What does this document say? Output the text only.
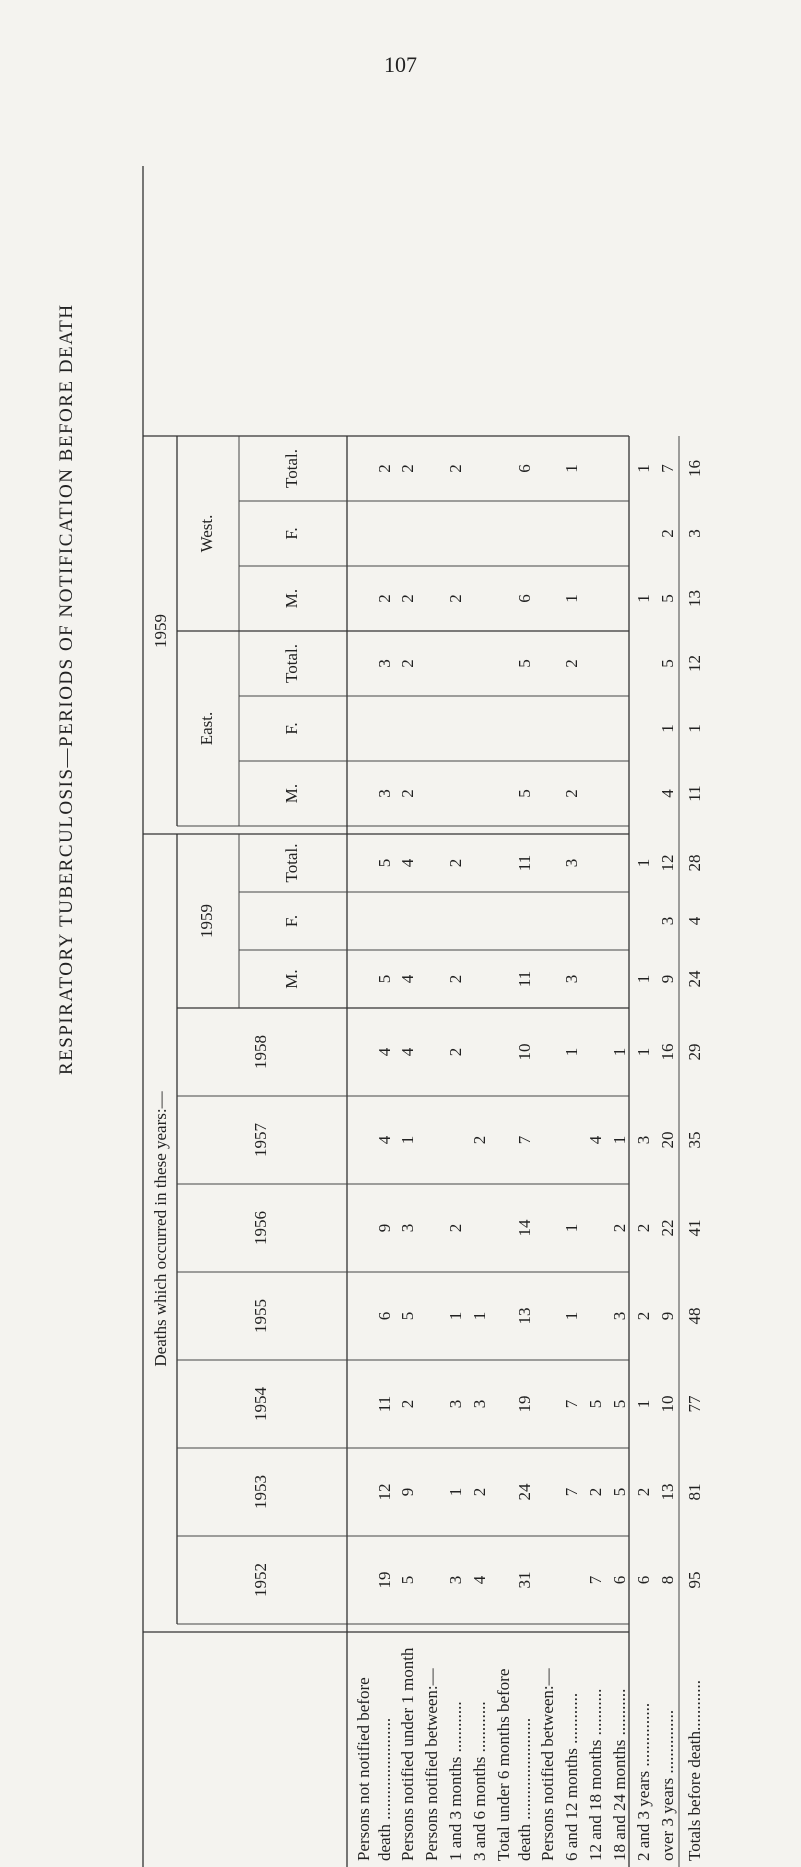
107
RESPIRATORY TUBERCULOSIS—PERIODS OF NOTIFICATION BEFORE DEATH
Deaths which occurred in these years:—
1959
1952
1953
1954
1955
1956
1957
1958
1959
M.
F.
Total.
East.
West.
M.
F.
Total.
M.
F.
Total.
Persons not notified before death ........................
19
12
11
6
9
4
4
5
5
3
3
2
2
Persons notified under 1 month
5
9
2
5
3
1
4
4
4
2
2
2
2
Persons notified between:— 1 and 3 months ............
3
1
3
1
2
2
2
2
2
2
3 and 6 months ............
4
2
3
1
2
Total under 6 months before death ........................
31
24
19
13
14
7
10
11
11
5
5
6
6
Persons notified between:— 6 and 12 months ............
7
7
1
1
1
3
3
2
2
1
1
12 and 18 months ...........
7
2
5
4
18 and 24 months ...........
6
5
5
3
2
1
1
2 and 3 years ...............
6
2
1
2
2
3
1
1
1
1
1
over 3 years ...............
8
13
10
9
22
20
16
9
3
12
4
1
5
5
2
7
Totals before death............
95
81
77
48
41
35
29
24
4
28
11
1
12
13
3
16
